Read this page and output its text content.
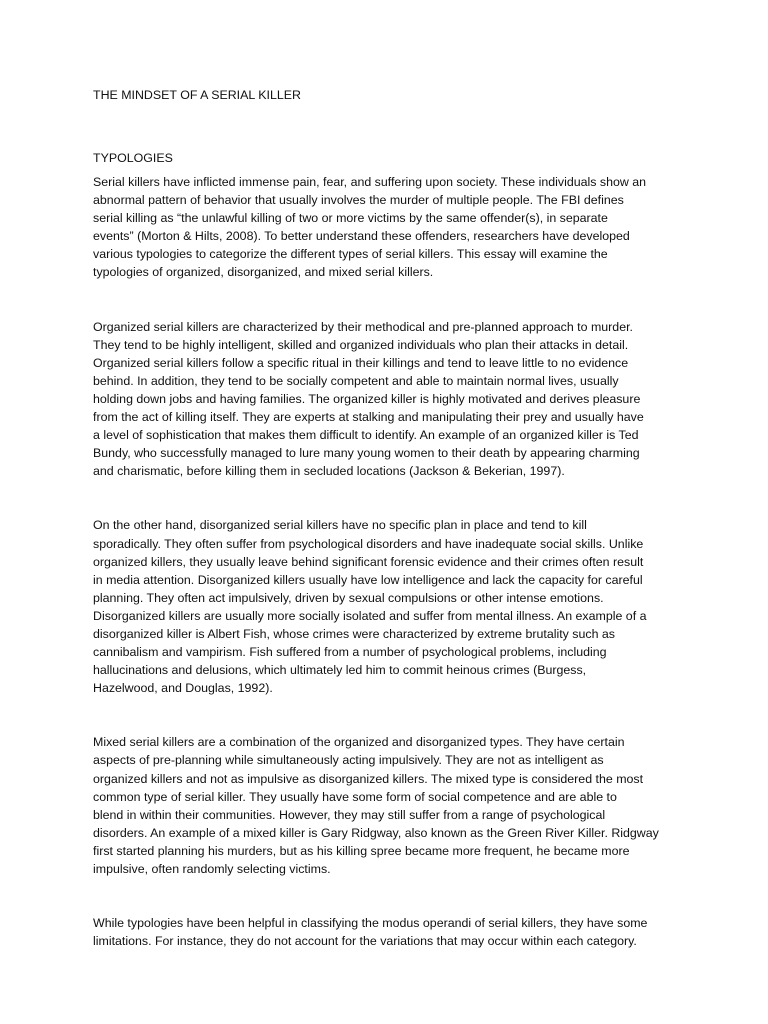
THE MINDSET OF A SERIAL KILLER
TYPOLOGIES

Serial killers have inflicted immense pain, fear, and suffering upon society. These individuals show an
abnormal pattern of behavior that usually involves the murder of multiple people. The FBI defines
serial killing as “the unlawful killing of two or more victims by the same offender(s), in separate
events” (Morton & Hilts, 2008). To better understand these offenders, researchers have developed
various typologies to categorize the different types of serial killers. This essay will examine the
typologies of organized, disorganized, and mixed serial killers.

Organized serial killers are characterized by their methodical and pre-planned approach to murder.
They tend to be highly intelligent, skilled and organized individuals who plan their attacks in detail.
Organized serial killers follow a specific ritual in their killings and tend to leave little to no evidence
behind. In addition, they tend to be socially competent and able to maintain normal lives, usually
holding down jobs and having families. The organized killer is highly motivated and derives pleasure
from the act of killing itself. They are experts at stalking and manipulating their prey and usually have
a level of sophistication that makes them difficult to identify. An example of an organized killer is Ted
Bundy, who successfully managed to lure many young women to their death by appearing charming
and charismatic, before killing them in secluded locations (Jackson & Bekerian, 1997).

On the other hand, disorganized serial killers have no specific plan in place and tend to kill
sporadically. They often suffer from psychological disorders and have inadequate social skills. Unlike
organized killers, they usually leave behind significant forensic evidence and their crimes often result
in media attention. Disorganized killers usually have low intelligence and lack the capacity for careful
planning. They often act impulsively, driven by sexual compulsions or other intense emotions.
Disorganized killers are usually more socially isolated and suffer from mental illness. An example of a
disorganized killer is Albert Fish, whose crimes were characterized by extreme brutality such as
cannibalism and vampirism. Fish suffered from a number of psychological problems, including
hallucinations and delusions, which ultimately led him to commit heinous crimes (Burgess,
Hazelwood, and Douglas, 1992).

Mixed serial killers are a combination of the organized and disorganized types. They have certain
aspects of pre-planning while simultaneously acting impulsively. They are not as intelligent as
organized killers and not as impulsive as disorganized killers. The mixed type is considered the most
common type of serial killer. They usually have some form of social competence and are able to
blend in within their communities. However, they may still suffer from a range of psychological
disorders. An example of a mixed killer is Gary Ridgway, also known as the Green River Killer. Ridgway
first started planning his murders, but as his killing spree became more frequent, he became more
impulsive, often randomly selecting victims.

While typologies have been helpful in classifying the modus operandi of serial killers, they have some
limitations. For instance, they do not account for the variations that may occur within each category.
